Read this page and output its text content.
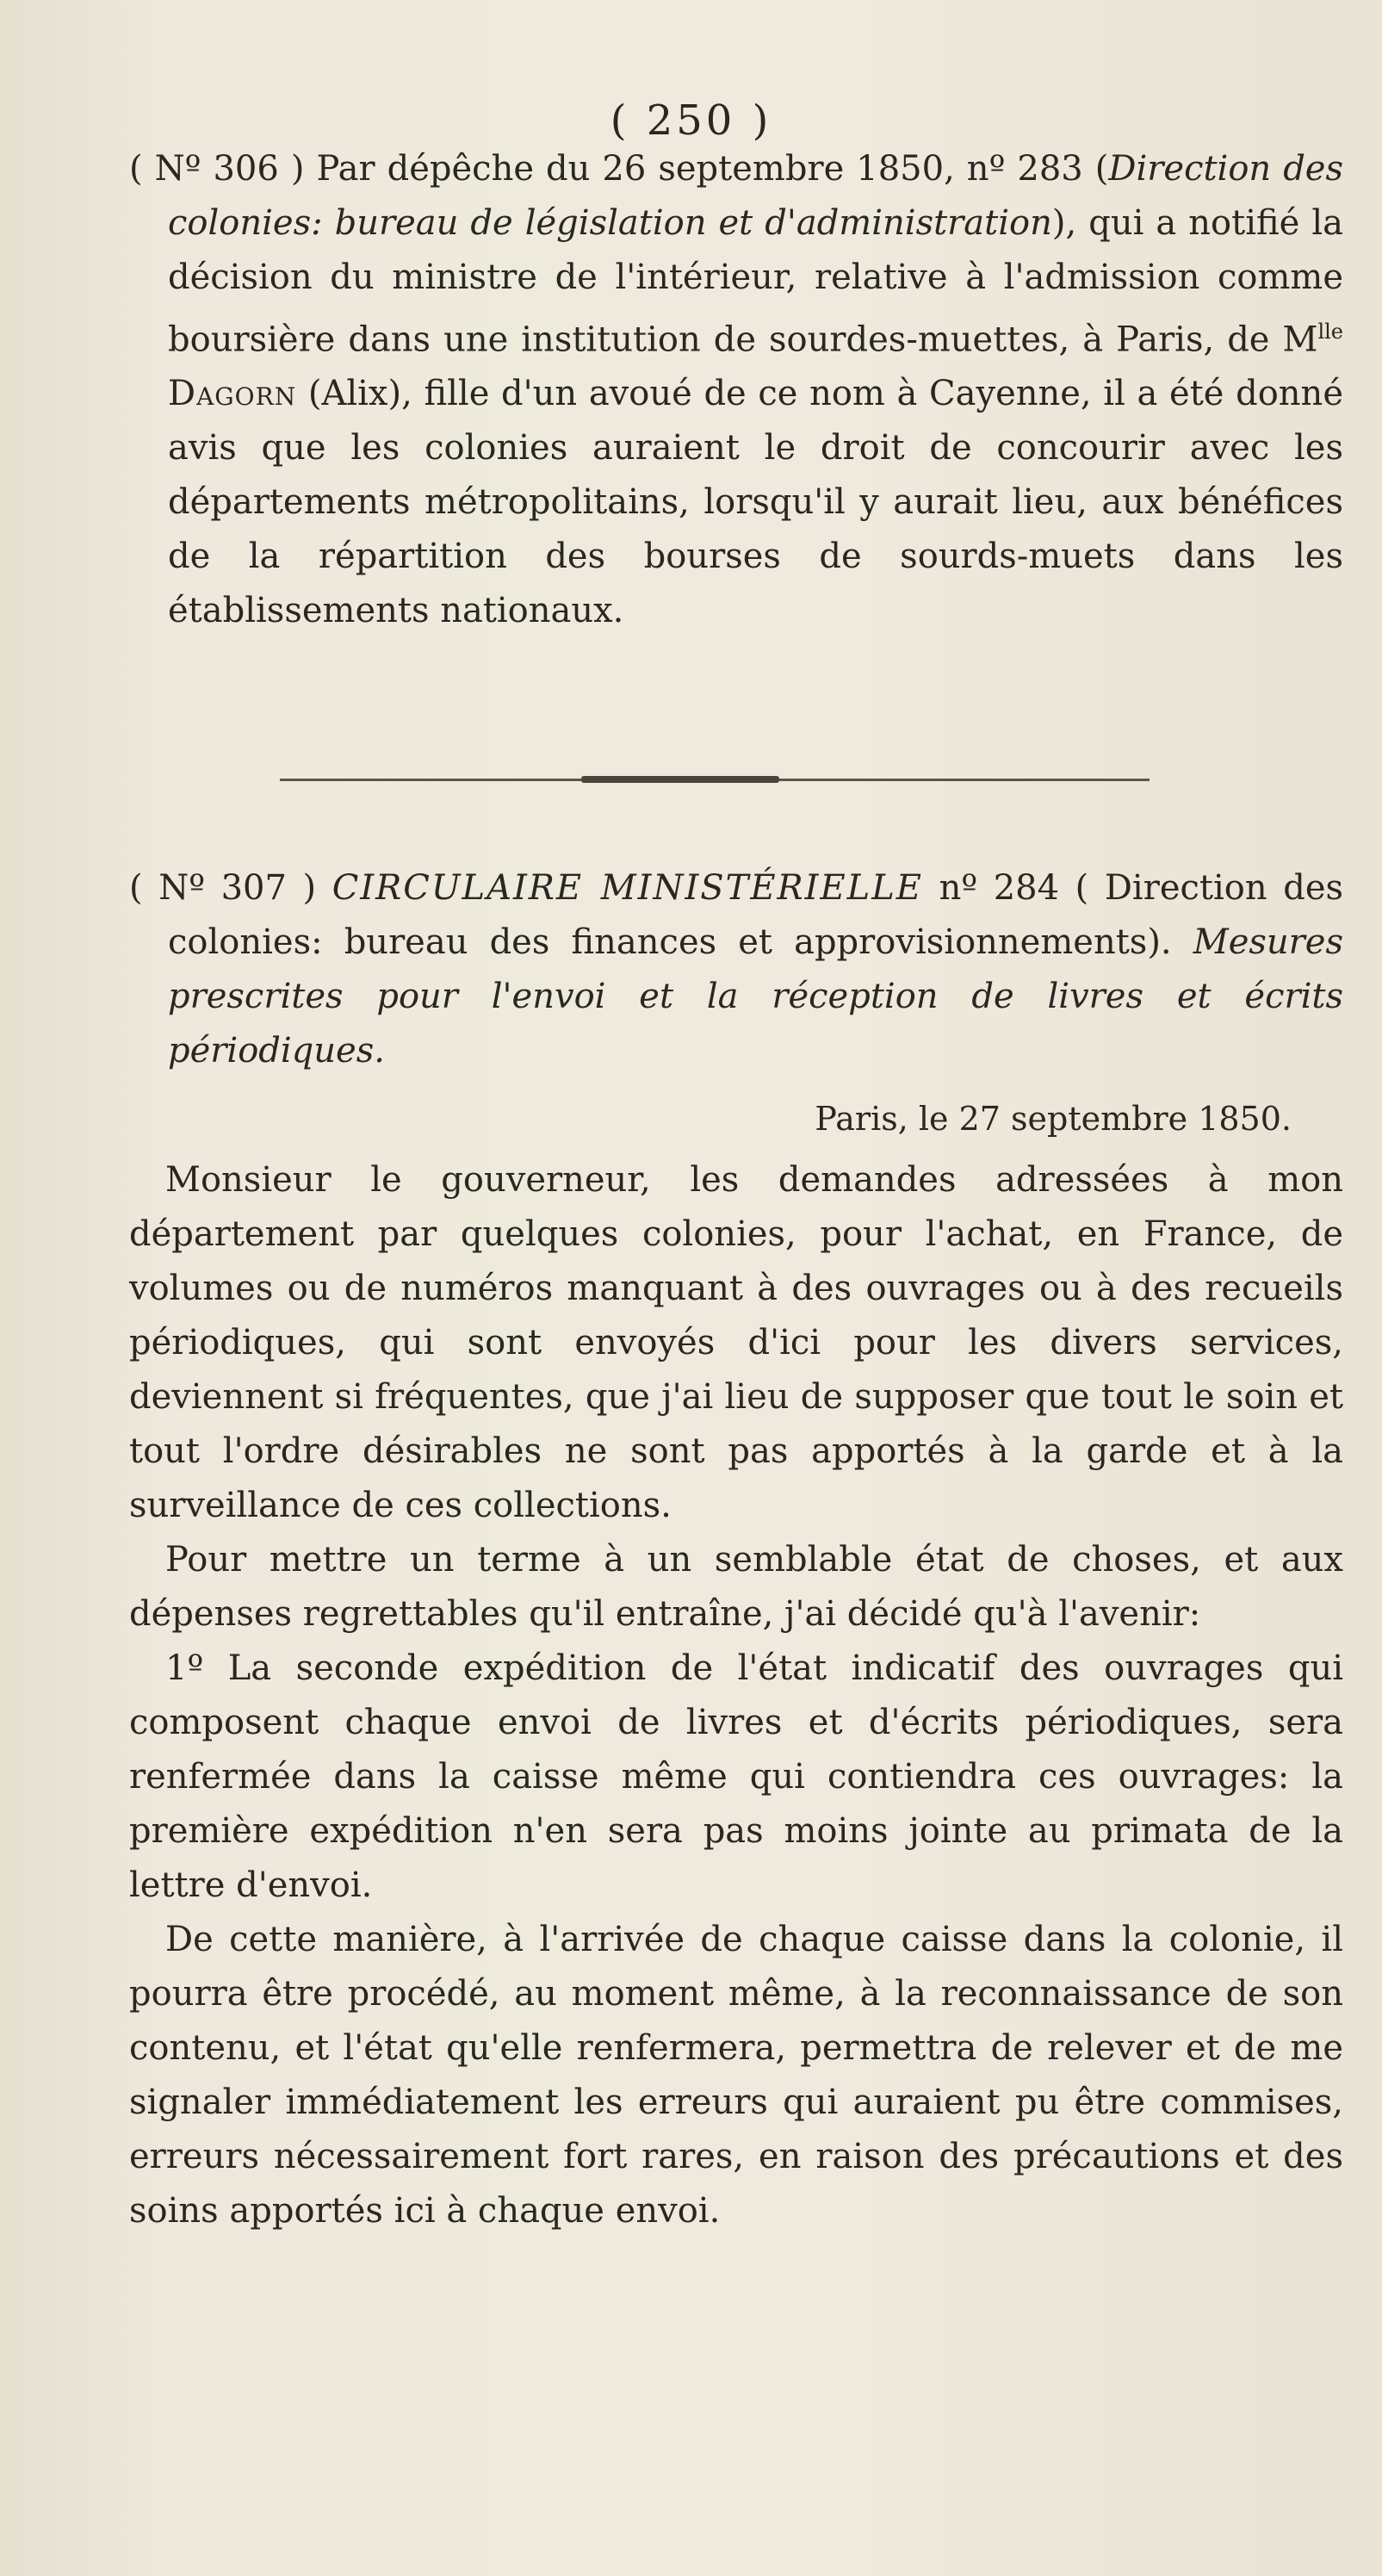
( 250 )

( Nº 306 ) Par dépêche du 26 septembre 1850, nº 283 (Direction des colonies: bureau de législation et d'administration), qui a notifié la décision du ministre de l'intérieur, relative à l'admission comme boursière dans une institution de sourdes-muettes, à Paris, de $M^{lle}$ Dagorn (Alix), fille d'un avoué de ce nom à Cayenne, il a été donné avis que les colonies auraient le droit de concourir avec les départements métropolitains, lorsqu'il y aurait lieu, aux bénéfices de la répartition des bourses de sourds-muets dans les établissements nationaux.

( Nº 307 ) CIRCULAIRE MINISTÉRIELLE nº 284 ( Direction des colonies: bureau des finances et approvisionnements). Mesures prescrites pour l'envoi et la réception de livres et écrits périodiques.

Paris, le 27 septembre 1850.

Monsieur le gouverneur, les demandes adressées à mon département par quelques colonies, pour l'achat, en France, de volumes ou de numéros manquant à des ouvrages ou à des recueils périodiques, qui sont envoyés d'ici pour les divers services, deviennent si fréquentes, que j'ai lieu de supposer que tout le soin et tout l'ordre désirables ne sont pas apportés à la garde et à la surveillance de ces collections.

Pour mettre un terme à un semblable état de choses, et aux dépenses regrettables qu'il entraîne, j'ai décidé qu'à l'avenir:

1º La seconde expédition de l'état indicatif des ouvrages qui composent chaque envoi de livres et d'écrits périodiques, sera renfermée dans la caisse même qui contiendra ces ouvrages: la première expédition n'en sera pas moins jointe au primata de la lettre d'envoi.

De cette manière, à l'arrivée de chaque caisse dans la colonie, il pourra être procédé, au moment même, à la reconnaissance de son contenu, et l'état qu'elle renfermera, permettra de relever et de me signaler immédiatement les erreurs qui auraient pu être commises, erreurs nécessairement fort rares, en raison des précautions et des soins apportés ici à chaque envoi.
